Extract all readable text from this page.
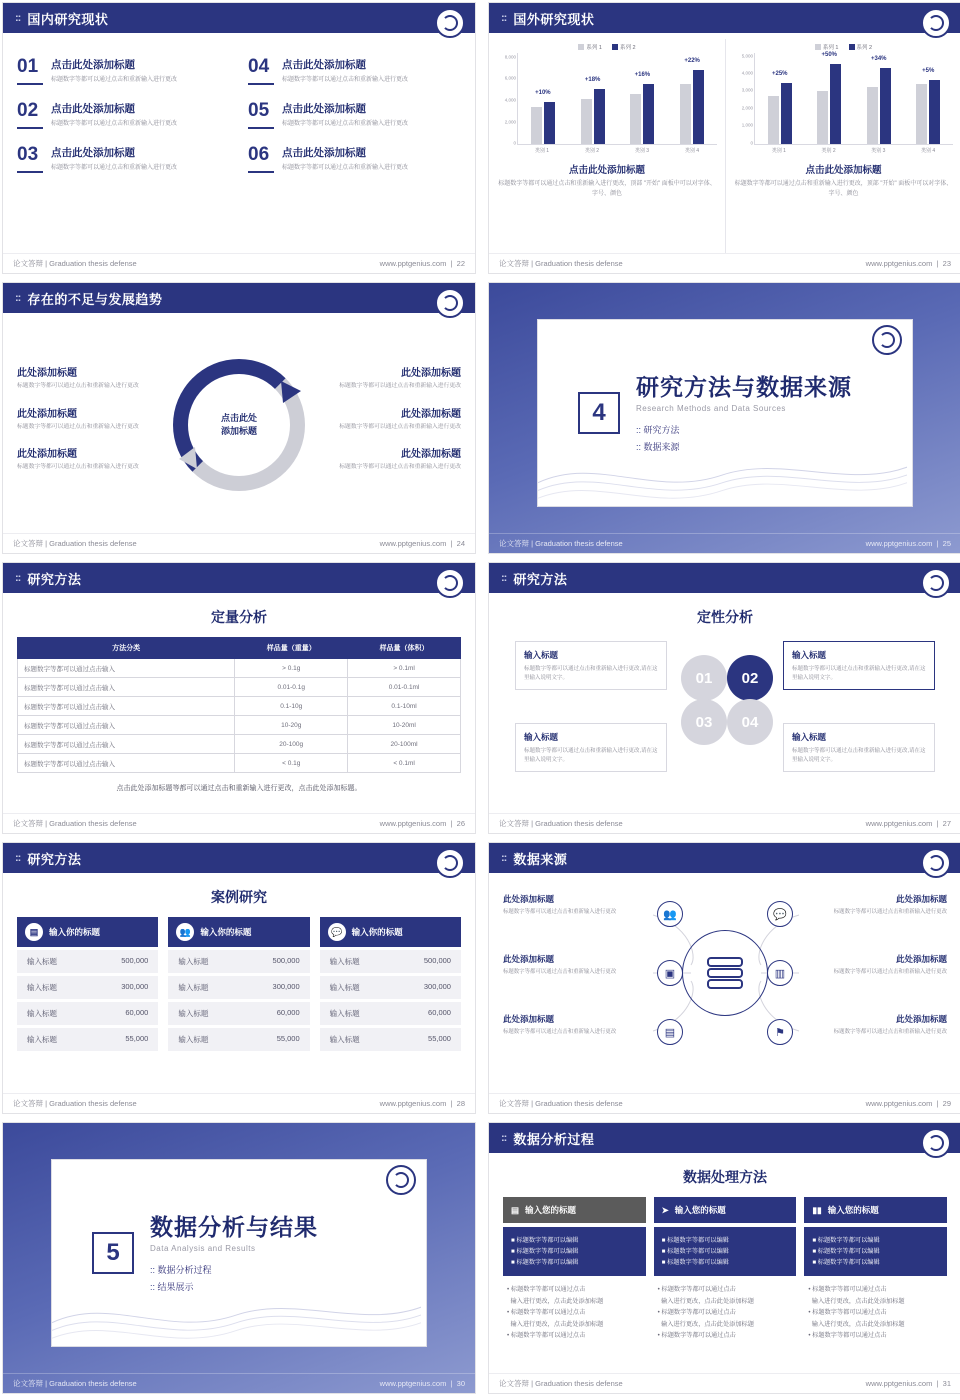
:: 国内研究现状
01	点击此处添加标题

标题数字等都可以通过点击和重新输入进行更改

04	点击此处添加标题

标题数字等都可以通过点击和重新输入进行更改

02	点击此处添加标题

标题数字等都可以通过点击和重新输入进行更改

05	点击此处添加标题

标题数字等都可以通过点击和重新输入进行更改

03	点击此处添加标题

标题数字等都可以通过点击和重新输入进行更改

06	点击此处添加标题

标题数字等都可以通过点击和重新输入进行更改

论文答辩 | Graduation thesis defense	www.pptgenius.com  |  22
:: 国外研究现状
系列 1	系列 2
8,000
6,000
4,000
2,000
0
+10%
+18%
+16%
+22%
类别 1	类别 2	类别 3	类别 4
点击此处添加标题
标题数字等都可以通过点击和重新输入进行更改，顶部 "开始" 面板中可以对字体、字号、颜色
系列 1	系列 2
5,000
4,000
3,000
2,000
1,000
0
+25%
+50%
+34%
+5%
类别 1	类别 2	类别 3	类别 4
点击此处添加标题
标题数字等都可以通过点击和重新输入进行更改，顶部 "开始" 面板中可以对字体、字号、颜色
论文答辩 | Graduation thesis defense	www.pptgenius.com  |  23
:: 存在的不足与发展趋势
此处添加标题

标题数字等都可以通过点击和重新输入进行更改

此处添加标题

标题数字等都可以通过点击和重新输入进行更改

此处添加标题

标题数字等都可以通过点击和重新输入进行更改

点击此处
添加标题
此处添加标题

标题数字等都可以通过点击和重新输入进行更改

此处添加标题

标题数字等都可以通过点击和重新输入进行更改

此处添加标题

标题数字等都可以通过点击和重新输入进行更改

论文答辩 | Graduation thesis defense	www.pptgenius.com  |  24
4
研究方法与数据来源
Research Methods and Data Sources
:: 研究方法
:: 数据来源
论文答辩 | Graduation thesis defense	www.pptgenius.com  |  25
:: 研究方法
定量分析
方法分类	样品量（重量）	样品量（体积）
标题数字等都可以通过点击输入	> 0.1g	> 0.1ml
标题数字等都可以通过点击输入	0.01-0.1g	0.01-0.1ml
标题数字等都可以通过点击输入	0.1-10g	0.1-10ml
标题数字等都可以通过点击输入	10-20g	10-20ml
标题数字等都可以通过点击输入	20-100g	20-100ml
标题数字等都可以通过点击输入	< 0.1g	< 0.1ml
点击此处添加标题等都可以通过点击和重新输入进行更改，点击此处添加标题。
论文答辩 | Graduation thesis defense	www.pptgenius.com  |  26
:: 研究方法
定性分析
输入标题

标题数字等都可以通过点击和重新输入进行更改,请在这里输入说明文字。

输入标题

标题数字等都可以通过点击和重新输入进行更改,请在这里输入说明文字。

输入标题

标题数字等都可以通过点击和重新输入进行更改,请在这里输入说明文字。

输入标题

标题数字等都可以通过点击和重新输入进行更改,请在这里输入说明文字。

01	02
03	04
论文答辩 | Graduation thesis defense	www.pptgenius.com  |  27
:: 研究方法
案例研究
▤	输入你的标题
输入标题	500,000
输入标题	300,000
输入标题	60,000
输入标题	55,000
👥	输入你的标题
输入标题	500,000
输入标题	300,000
输入标题	60,000
输入标题	55,000
💬	输入你的标题
输入标题	500,000
输入标题	300,000
输入标题	60,000
输入标题	55,000
论文答辩 | Graduation thesis defense	www.pptgenius.com  |  28
:: 数据来源
此处添加标题

标题数字等都可以通过点击和重新输入进行更改	👥
此处添加标题

标题数字等都可以通过点击和重新输入进行更改	▣
此处添加标题

标题数字等都可以通过点击和重新输入进行更改	▤
此处添加标题

标题数字等都可以通过点击和重新输入进行更改

💬
此处添加标题

标题数字等都可以通过点击和重新输入进行更改

▥
此处添加标题

标题数字等都可以通过点击和重新输入进行更改

⚑
论文答辩 | Graduation thesis defense	www.pptgenius.com  |  29
5
数据分析与结果
Data Analysis and Results
:: 数据分析过程
:: 结果展示
论文答辩 | Graduation thesis defense	www.pptgenius.com  |  30
:: 数据分析过程
数据处理方法
▤ 输入您的标题
■ 标题数字等都可以编辑
■ 标题数字等都可以编辑
■ 标题数字等都可以编辑
• 标题数字等都可以通过点击
输入进行更改，点击此处添加标题
• 标题数字等都可以通过点击
输入进行更改，点击此处添加标题
• 标题数字等都可以通过点击
➤ 输入您的标题
■ 标题数字等都可以编辑
■ 标题数字等都可以编辑
■ 标题数字等都可以编辑
• 标题数字等都可以通过点击
输入进行更改，点击此处添加标题
• 标题数字等都可以通过点击
输入进行更改，点击此处添加标题
• 标题数字等都可以通过点击
▮▮ 输入您的标题
■ 标题数字等都可以编辑
■ 标题数字等都可以编辑
■ 标题数字等都可以编辑
• 标题数字等都可以通过点击
输入进行更改，点击此处添加标题
• 标题数字等都可以通过点击
输入进行更改，点击此处添加标题
• 标题数字等都可以通过点击
论文答辩 | Graduation thesis defense	www.pptgenius.com  |  31
